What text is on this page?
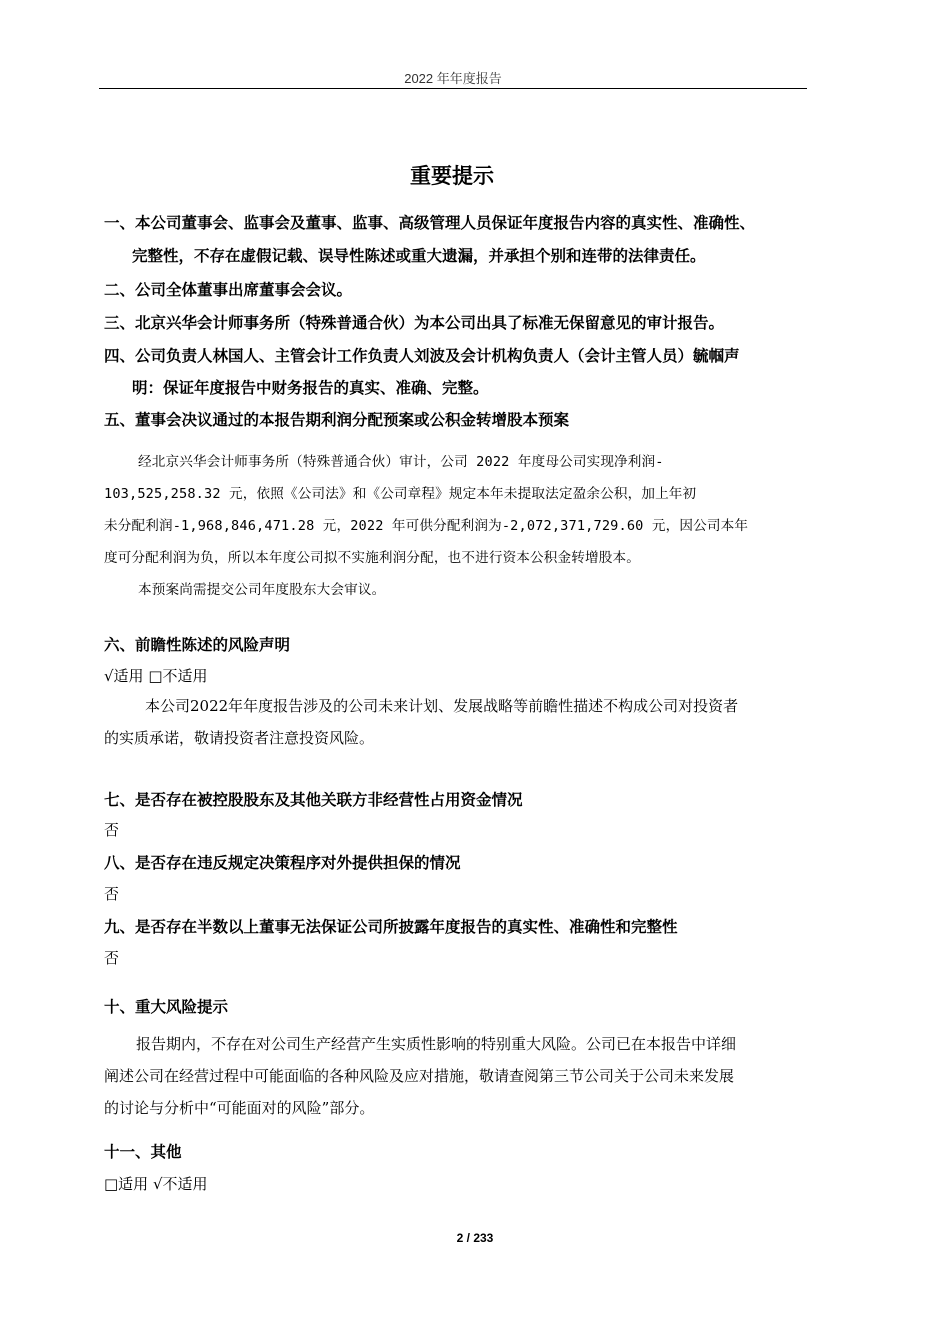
2022 年年度报告
重要提示
一、本公司董事会、监事会及董事、监事、高级管理人员保证年度报告内容的真实性、准确性、
完整性，不存在虚假记载、误导性陈述或重大遗漏，并承担个别和连带的法律责任。
二、公司全体董事出席董事会会议。
三、北京兴华会计师事务所（特殊普通合伙）为本公司出具了标准无保留意见的审计报告。
四、公司负责人林国人、主管会计工作负责人刘波及会计机构负责人（会计主管人员）毓帼声
明：保证年度报告中财务报告的真实、准确、完整。
五、董事会决议通过的本报告期利润分配预案或公积金转增股本预案
经北京兴华会计师事务所（特殊普通合伙）审计，公司 2022 年度母公司实现净利润-
103,525,258.32 元，依照《公司法》和《公司章程》规定本年未提取法定盈余公积，加上年初
未分配利润-1,968,846,471.28 元，2022 年可供分配利润为-2,072,371,729.60 元，因公司本年
度可分配利润为负，所以本年度公司拟不实施利润分配，也不进行资本公积金转增股本。
本预案尚需提交公司年度股东大会审议。
六、前瞻性陈述的风险声明
√适用 □不适用
本公司2022年年度报告涉及的公司未来计划、发展战略等前瞻性描述不构成公司对投资者
的实质承诺，敬请投资者注意投资风险。
七、是否存在被控股股东及其他关联方非经营性占用资金情况
否
八、是否存在违反规定决策程序对外提供担保的情况
否
九、是否存在半数以上董事无法保证公司所披露年度报告的真实性、准确性和完整性
否
十、重大风险提示
报告期内，不存在对公司生产经营产生实质性影响的特别重大风险。公司已在本报告中详细
阐述公司在经营过程中可能面临的各种风险及应对措施，敬请查阅第三节公司关于公司未来发展
的讨论与分析中“可能面对的风险”部分。
十一、其他
□适用 √不适用
2 / 233
